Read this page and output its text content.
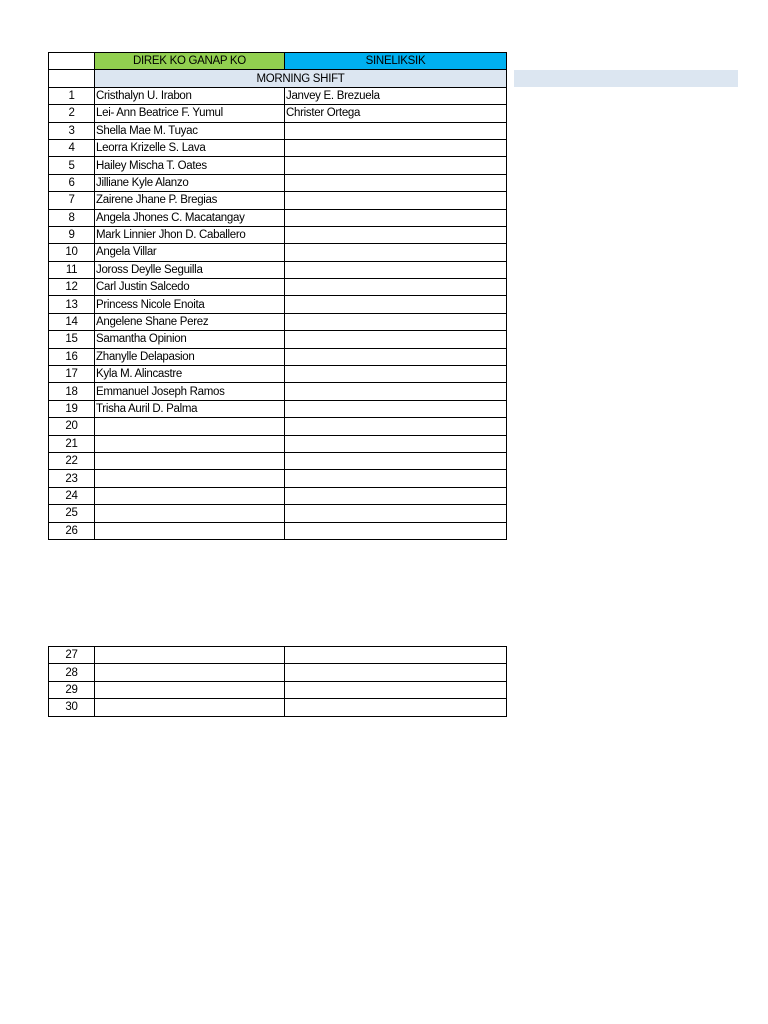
	DIREK KO GANAP KO	SINELIKSIK
	MORNING SHIFT	
1	Cristhalyn U. Irabon	Janvey E. Brezuela
2	Lei- Ann Beatrice F. Yumul	Christer Ortega
3	Shella Mae M. Tuyac	
4	Leorra Krizelle S. Lava	
5	Hailey Mischa T. Oates	
6	Jilliane Kyle Alanzo	
7	Zairene Jhane P. Bregias	
8	Angela Jhones C. Macatangay	
9	Mark Linnier Jhon D. Caballero	
10	Angela Villar	
11	Joross Deylle Seguilla	
12	Carl Justin Salcedo	
13	Princess Nicole Enoita	
14	Angelene Shane Perez	
15	Samantha Opinion	
16	Zhanylle Delapasion	
17	Kyla M. Alincastre	
18	Emmanuel Joseph Ramos	
19	Trisha Auril D. Palma	
20		
21		
22		
23		
24		
25		
26		
27		
28		
29		
30		
